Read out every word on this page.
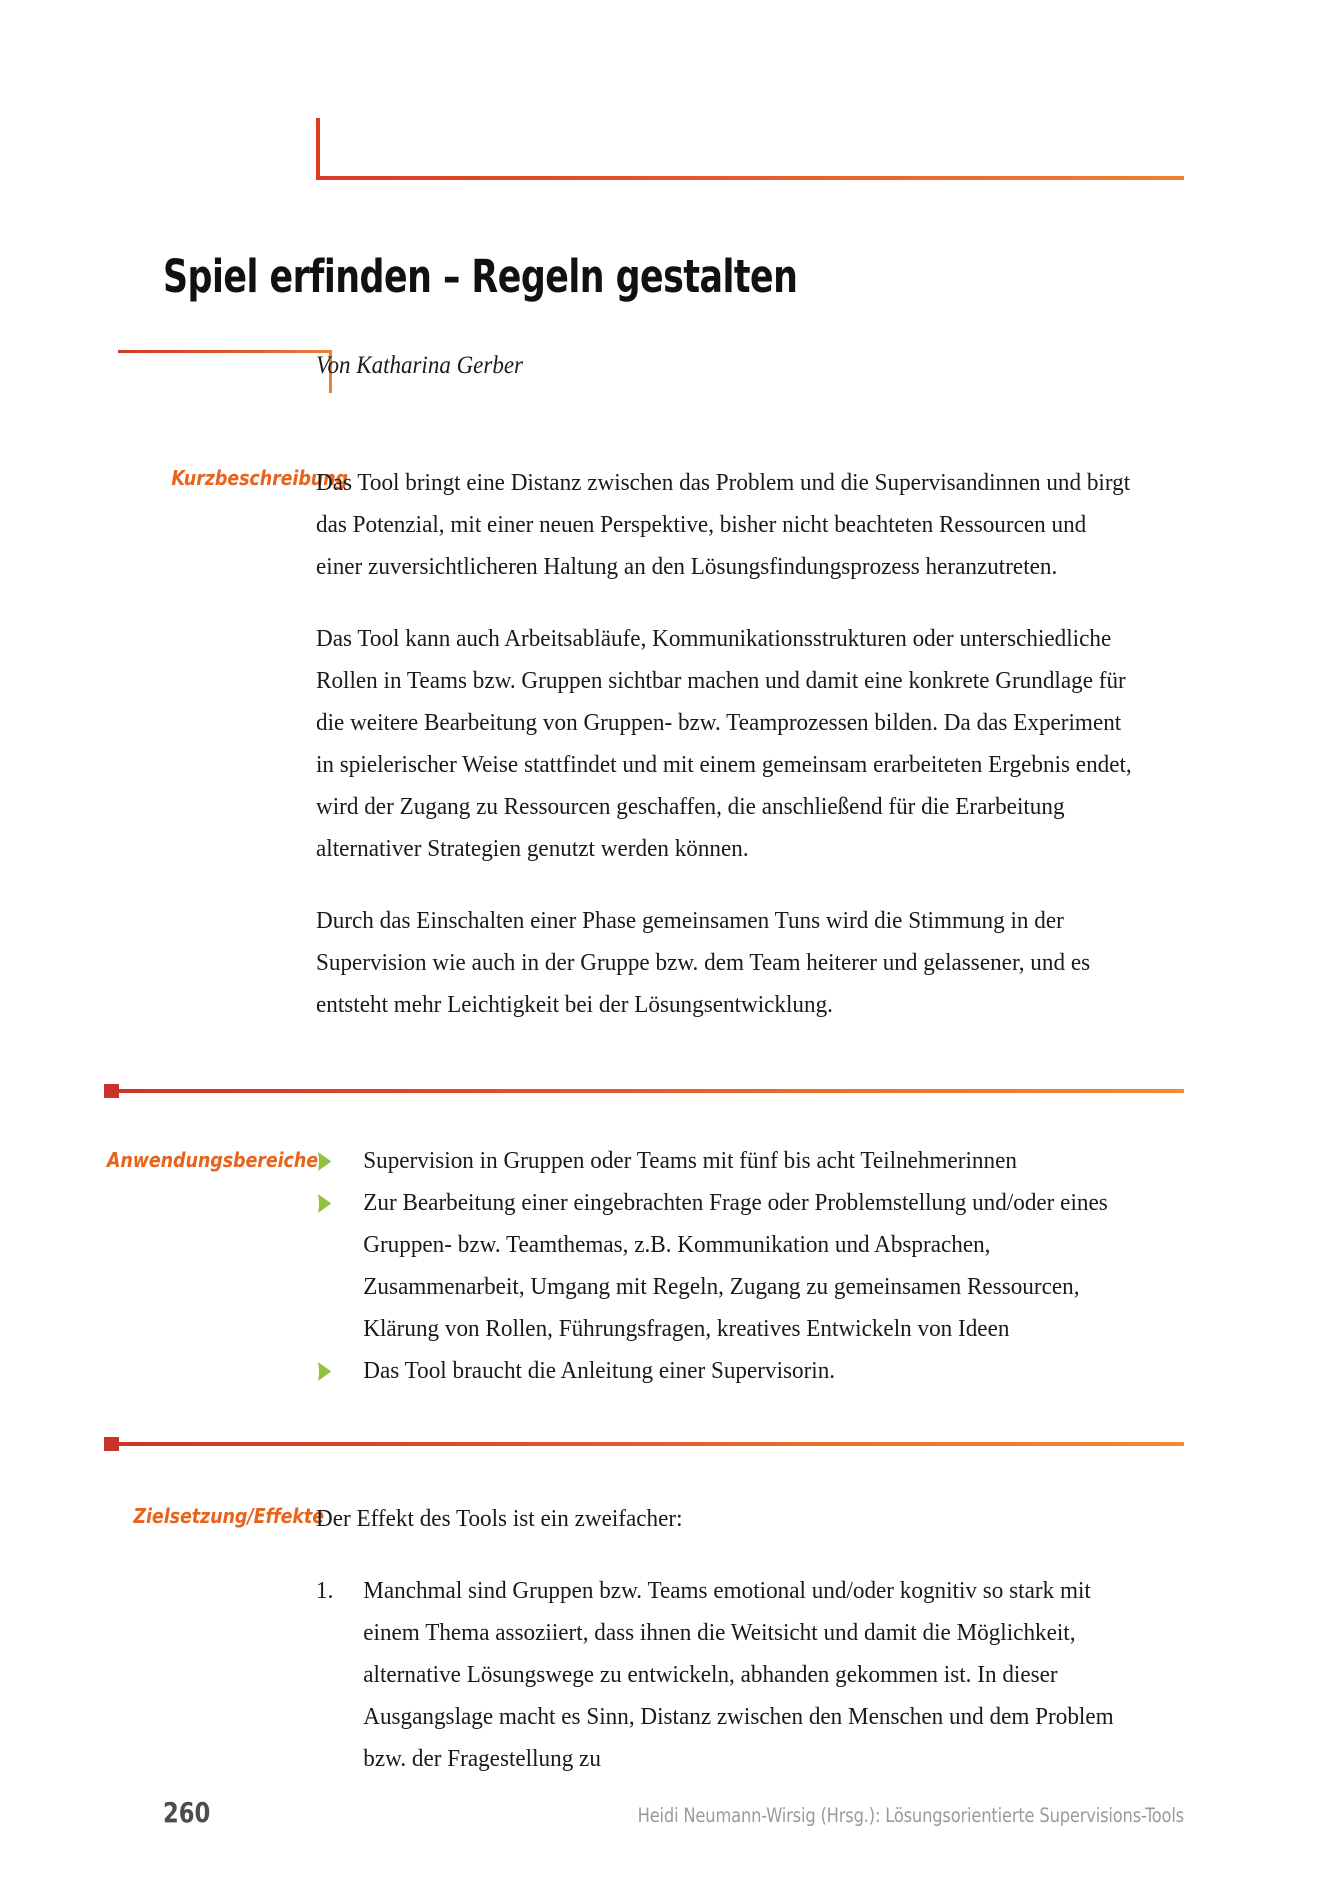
Spiel erfinden – Regeln gestalten
Von Katharina Gerber
Kurzbeschreibung

Das Tool bringt eine Distanz zwischen das Problem und die Supervisandinnen und birgt das Potenzial, mit einer neuen Perspektive, bisher nicht beachteten Ressourcen und einer zuversichtlicheren Haltung an den Lösungsfindungsprozess heranzutreten.

Das Tool kann auch Arbeitsabläufe, Kommunikationsstrukturen oder unterschiedliche Rollen in Teams bzw. Gruppen sichtbar machen und damit eine konkrete Grundlage für die weitere Bearbeitung von Gruppen- bzw. Teamprozessen bilden. Da das Experiment in spielerischer Weise stattfindet und mit einem gemeinsam erarbeiteten Ergebnis endet, wird der Zugang zu Ressourcen geschaffen, die anschließend für die Erarbeitung alternativer Strategien genutzt werden können.

Durch das Einschalten einer Phase gemeinsamen Tuns wird die Stimmung in der Supervision wie auch in der Gruppe bzw. dem Team heiterer und gelassener, und es entsteht mehr Leichtigkeit bei der Lösungsentwicklung.

Anwendungsbereiche	Supervision in Gruppen oder Teams mit fünf bis acht Teilnehmerinnen
Zur Bearbeitung einer eingebrachten Frage oder Problemstellung und/oder eines Gruppen- bzw. Teamthemas, z.B. Kommunikation und Absprachen, Zusammenarbeit, Umgang mit Regeln, Zugang zu gemeinsamen Ressourcen, Klärung von Rollen, Führungsfragen, kreatives Entwickeln von Ideen
Das Tool braucht die Anleitung einer Supervisorin.
Zielsetzung/Effekte

Der Effekt des Tools ist ein zweifacher:

1.	Manchmal sind Gruppen bzw. Teams emotional und/oder kognitiv so stark mit einem Thema assoziiert, dass ihnen die Weitsicht und damit die Möglichkeit, alternative Lösungswege zu entwickeln, abhanden gekommen ist. In dieser Ausgangslage macht es Sinn, Distanz zwischen den Menschen und dem Problem bzw. der Fragestellung zu
260	Heidi Neumann-Wirsig (Hrsg.): Lösungsorientierte Supervisions-Tools
